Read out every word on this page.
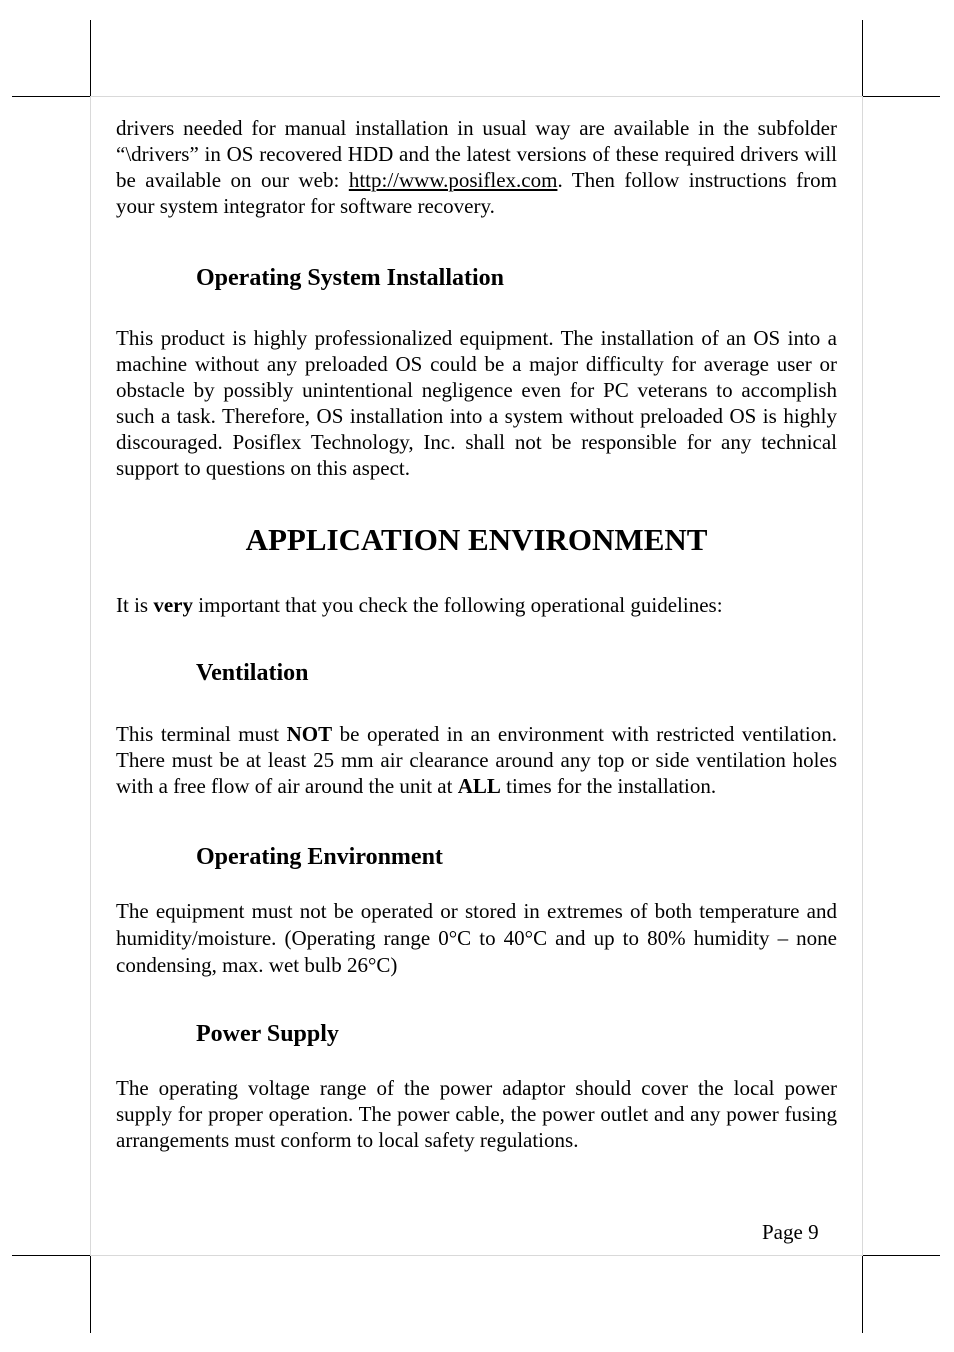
drivers needed for manual installation in usual way are available in the subfolder “\drivers” in OS recovered HDD and the latest versions of these required drivers will be available on our web: http://www.posiflex.com. Then follow instructions from your system integrator for software recovery.

Operating System Installation

This product is highly professionalized equipment. The installation of an OS into a machine without any preloaded OS could be a major difficulty for average user or obstacle by possibly unintentional negligence even for PC veterans to accomplish such a task. Therefore, OS installation into a system without preloaded OS is highly discouraged. Posiflex Technology, Inc. shall not be responsible for any technical support to questions on this aspect.

APPLICATION ENVIRONMENT

It is very important that you check the following operational guidelines:

Ventilation

This terminal must NOT be operated in an environment with restricted ventilation. There must be at least 25 mm air clearance around any top or side ventilation holes with a free flow of air around the unit at ALL times for the installation.

Operating Environment

The equipment must not be operated or stored in extremes of both temperature and humidity/moisture. (Operating range 0°C to 40°C and up to 80% humidity – none condensing, max. wet bulb 26°C)

Power Supply

The operating voltage range of the power adaptor should cover the local power supply for proper operation. The power cable, the power outlet and any power fusing arrangements must conform to local safety regulations.

Page 9
